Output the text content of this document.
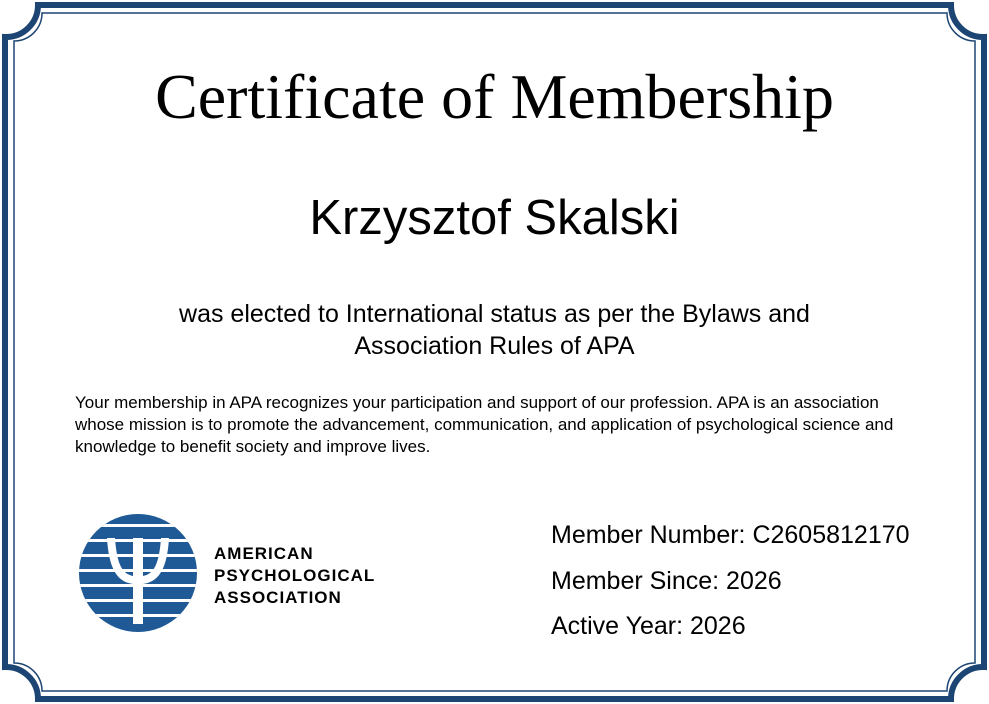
Certificate of Membership
Krzysztof Skalski
was elected to International status as per the Bylaws and
Association Rules of APA
Your membership in APA recognizes your participation and support of our profession. APA is an association whose mission is to promote the advancement, communication, and application of psychological science and knowledge to benefit society and improve lives.
AMERICAN
PSYCHOLOGICAL
ASSOCIATION
Member Number: C2605812170
Member Since: 2026
Active Year: 2026
